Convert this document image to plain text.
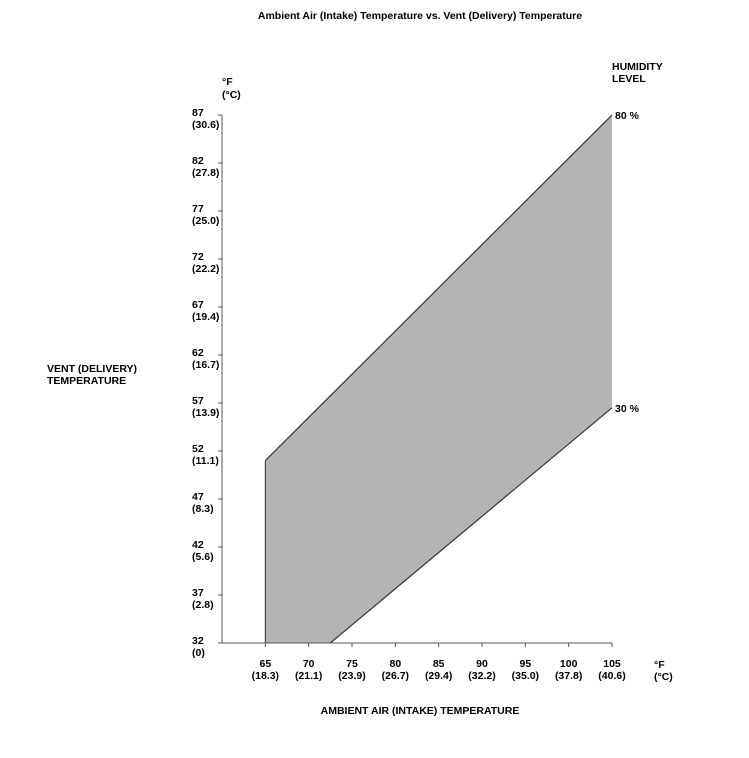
Ambient Air (Intake) Temperature vs. Vent (Delivery) Temperature
°F
(°C)
HUMIDITY
LEVEL
VENT (DELIVERY)
TEMPERATURE
°F
(°C)
AMBIENT AIR (INTAKE) TEMPERATURE
32
(0)
37
(2.8)
42
(5.6)
47
(8.3)
52
(11.1)
57
(13.9)
62
(16.7)
67
(19.4)
72
(22.2)
77
(25.0)
82
(27.8)
87
(30.6)
65
(18.3)
70
(21.1)
75
(23.9)
80
(26.7)
85
(29.4)
90
(32.2)
95
(35.0)
100
(37.8)
105
(40.6)
80 %
30 %
